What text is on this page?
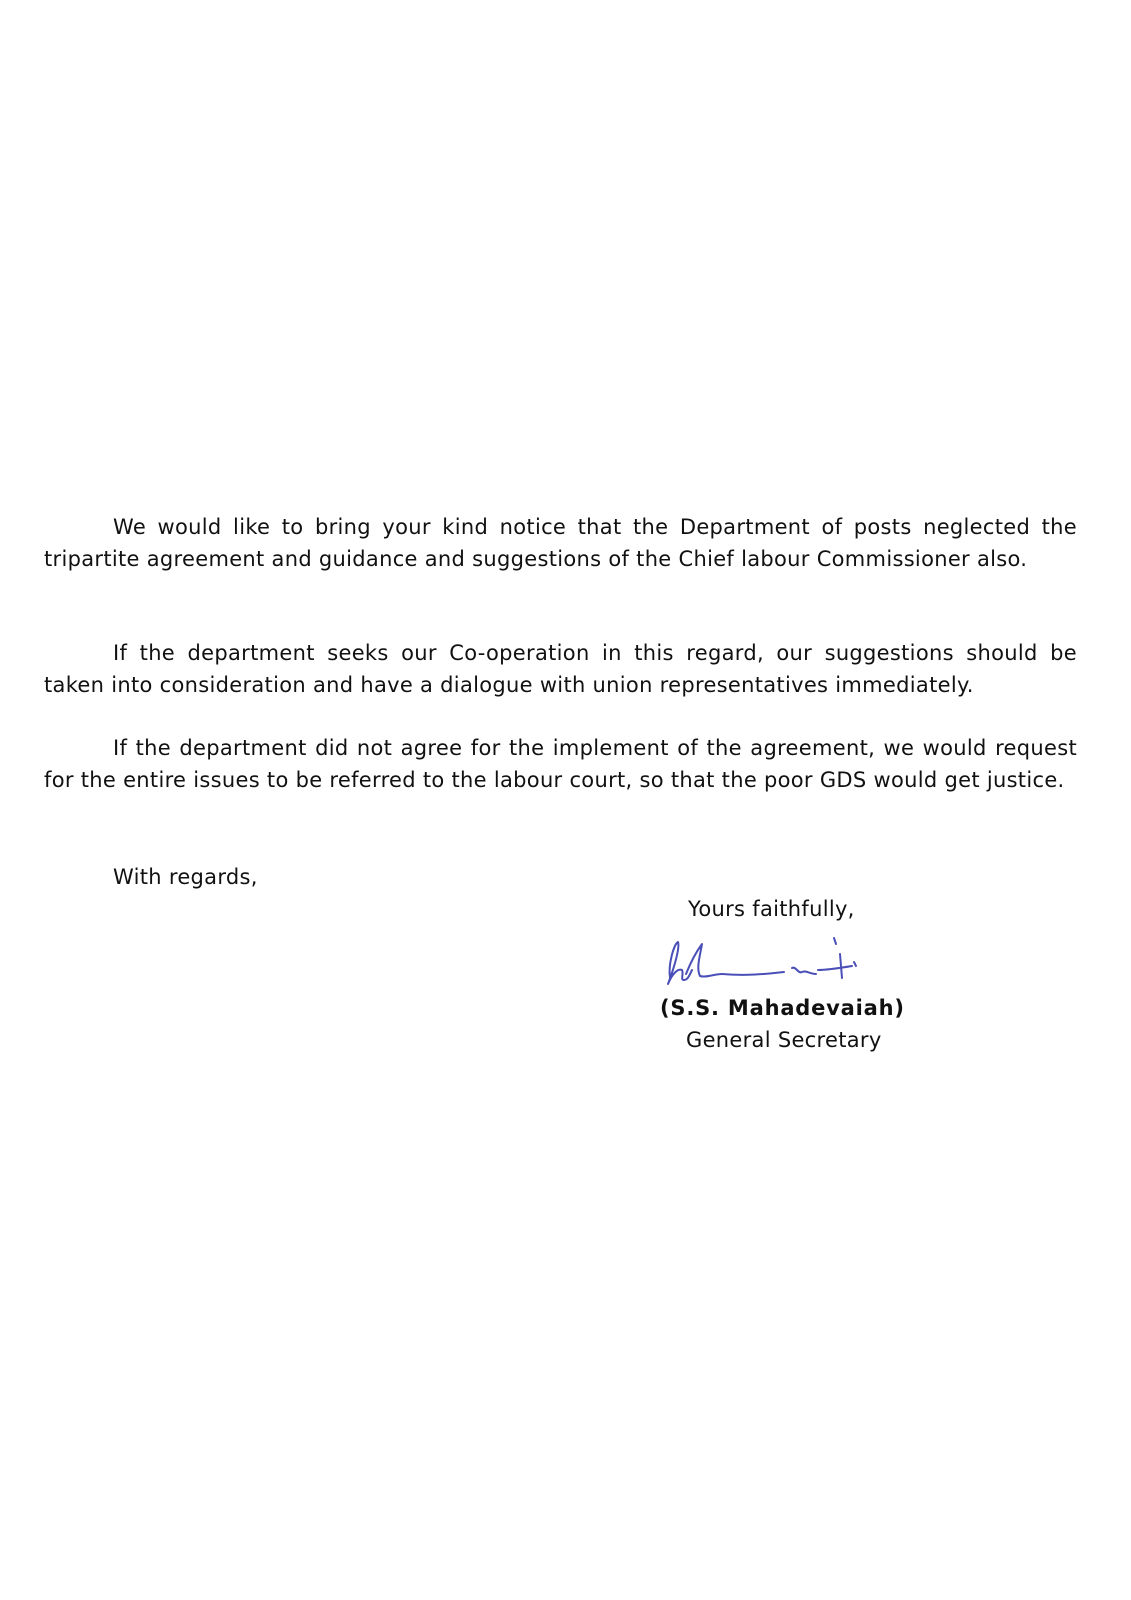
We would like to bring your kind notice that the Department of posts neglected the tripartite agreement and guidance and suggestions of the Chief labour Commissioner also.

If the department seeks our Co-operation in this regard, our suggestions should be taken into consideration and have a dialogue with union representatives immediately.

If the department did not agree for the implement of the agreement, we would request for the entire issues to be referred to the labour court, so that the poor GDS would get justice.

With regards,

Yours faithfully,

(S.S. Mahadevaiah)

General Secretary
